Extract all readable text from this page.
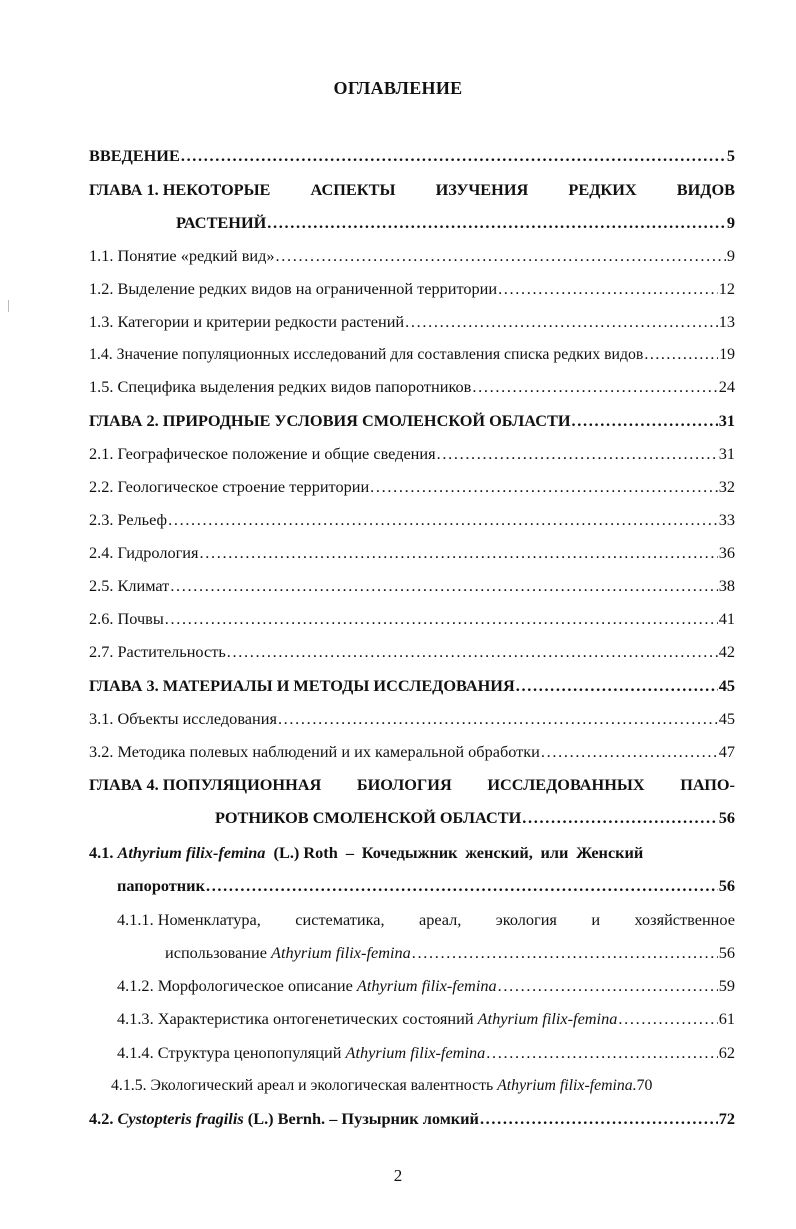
ОГЛАВЛЕНИЕ
ВВЕДЕНИЕ . . .	5
ГЛАВА 1. НЕКОТОРЫЕ АСПЕКТЫ ИЗУЧЕНИЯ РЕДКИХ ВИДОВ
РАСТЕНИЙ . . .	9
1.1. Понятие «редкий вид» . . .	9
1.2. Выделение редких видов на ограниченной территории . . .	12
1.3. Категории и критерии редкости растений . . .	13
1.4. Значение популяционных исследований для составления списка редких видов . . .	19
1.5. Специфика выделения редких видов папоротников . . .	24
ГЛАВА 2. ПРИРОДНЫЕ УСЛОВИЯ СМОЛЕНСКОЙ ОБЛАСТИ . . .	31
2.1. Географическое положение и общие сведения . . .	31
2.2. Геологическое строение территории . . .	32
2.3. Рельеф . . .	33
2.4. Гидрология . . .	36
2.5. Климат . . .	38
2.6. Почвы . . .	41
2.7. Растительность . . .	42
ГЛАВА 3. МАТЕРИАЛЫ И МЕТОДЫ ИССЛЕДОВАНИЯ . . .	45
3.1. Объекты исследования . . .	45
3.2. Методика полевых наблюдений и их камеральной обработки . . .	47
ГЛАВА 4. ПОПУЛЯЦИОННАЯ БИОЛОГИЯ ИССЛЕДОВАННЫХ ПАПО-
РОТНИКОВ СМОЛЕНСКОЙ ОБЛАСТИ . . .	56
4.1.
Athyrium filix-femina
(L.) Roth
– Кочедыжник женский, или Женский
папоротник . . .	56
4.1.1. Номенклатура, систематика, ареал, экология и хозяйственное
использование Athyrium filix-femina . . .	56
4.1.2. Морфологическое описание Athyrium filix-femina . . .	59
4.1.3. Характеристика онтогенетических состояний Athyrium filix-femina . . .	61
4.1.4. Структура ценопопуляций Athyrium filix-femina . . .	62
4.1.5. Экологический ареал и экологическая валентность Athyrium filix-femina. 70
4.2. Cystopteris fragilis (L.) Bernh. – Пузырник ломкий . . .	72
2
